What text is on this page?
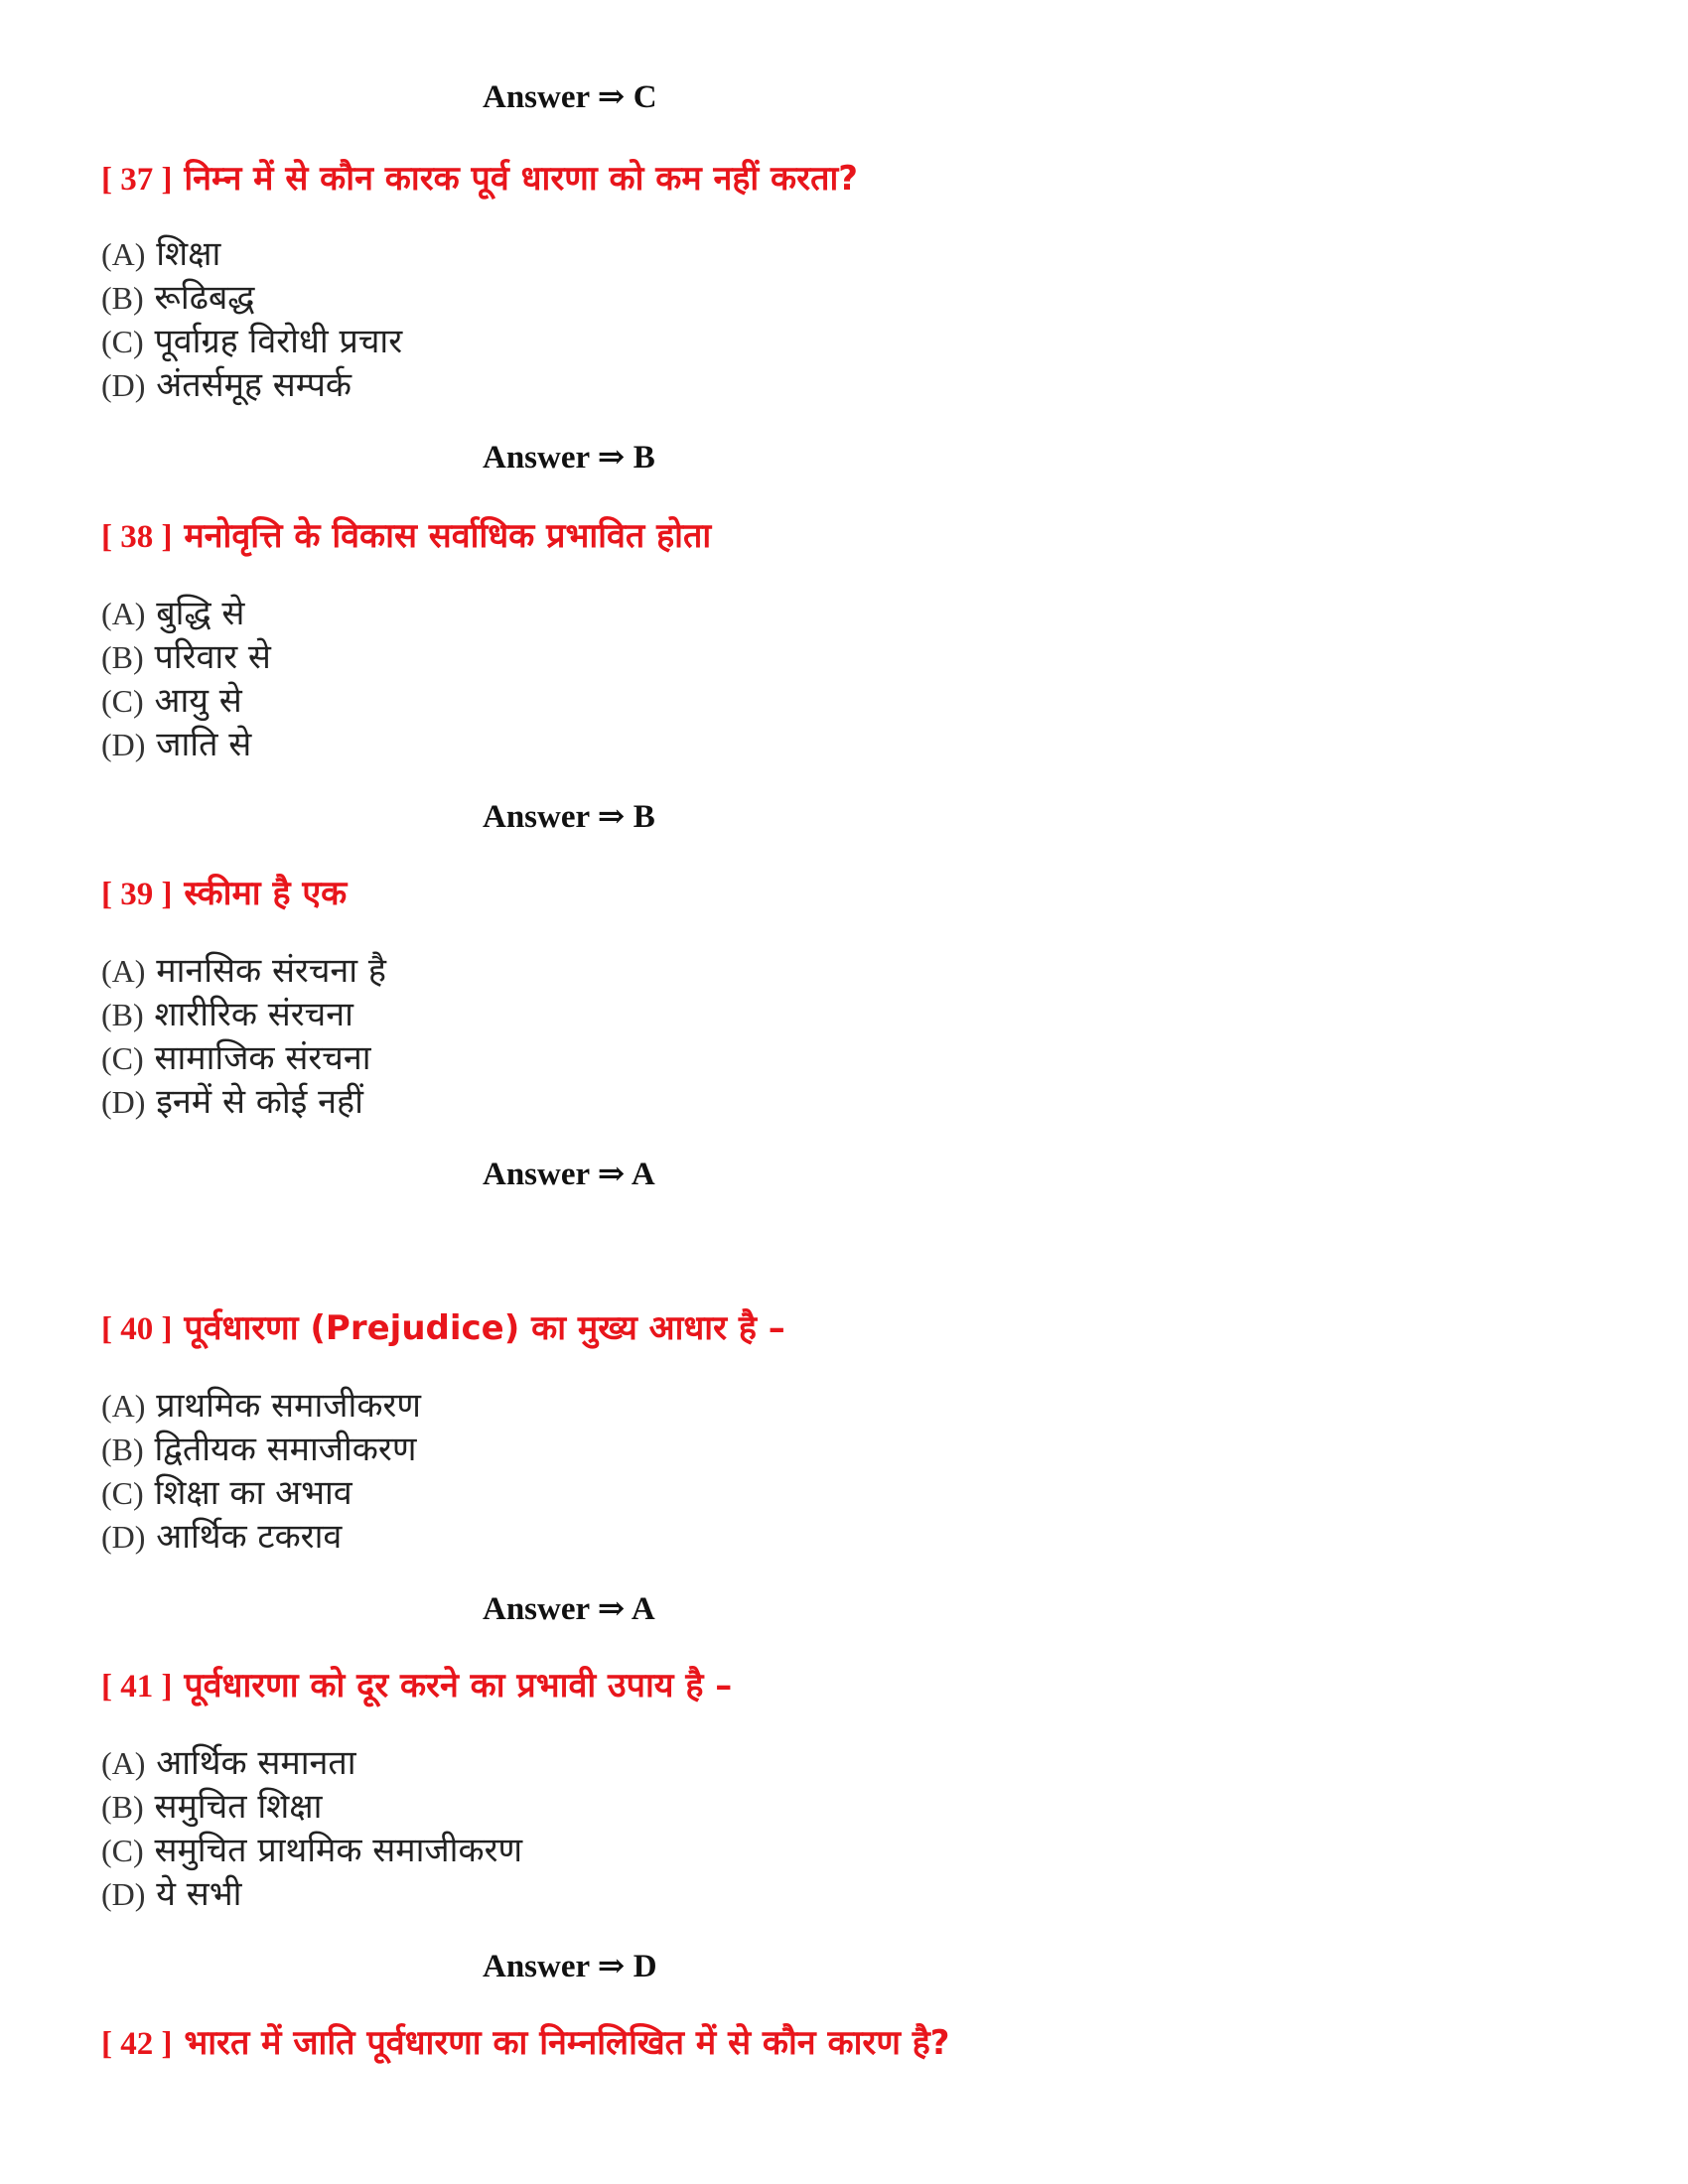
Answer ⇒ C
[ 37 ] निम्न में से कौन कारक पूर्व धारणा को कम नहीं करता?
(A) शिक्षा
(B) रूढिबद्ध
(C) पूर्वाग्रह विरोधी प्रचार
(D) अंतर्समूह सम्पर्क
Answer ⇒ B
[ 38 ] मनोवृत्ति के विकास सर्वाधिक प्रभावित होता
(A) बुद्धि से
(B) परिवार से
(C) आयु से
(D) जाति से
Answer ⇒ B
[ 39 ] स्कीमा है एक
(A) मानसिक संरचना है
(B) शारीरिक संरचना
(C) सामाजिक संरचना
(D) इनमें से कोई नहीं
Answer ⇒ A
[ 40 ] पूर्वधारणा (Prejudice) का मुख्य आधार है –
(A) प्राथमिक समाजीकरण
(B) द्वितीयक समाजीकरण
(C) शिक्षा का अभाव
(D) आर्थिक टकराव
Answer ⇒ A
[ 41 ] पूर्वधारणा को दूर करने का प्रभावी उपाय है –
(A) आर्थिक समानता
(B) समुचित शिक्षा
(C) समुचित प्राथमिक समाजीकरण
(D) ये सभी
Answer ⇒ D
[ 42 ] भारत में जाति पूर्वधारणा का निम्नलिखित में से कौन कारण है?
